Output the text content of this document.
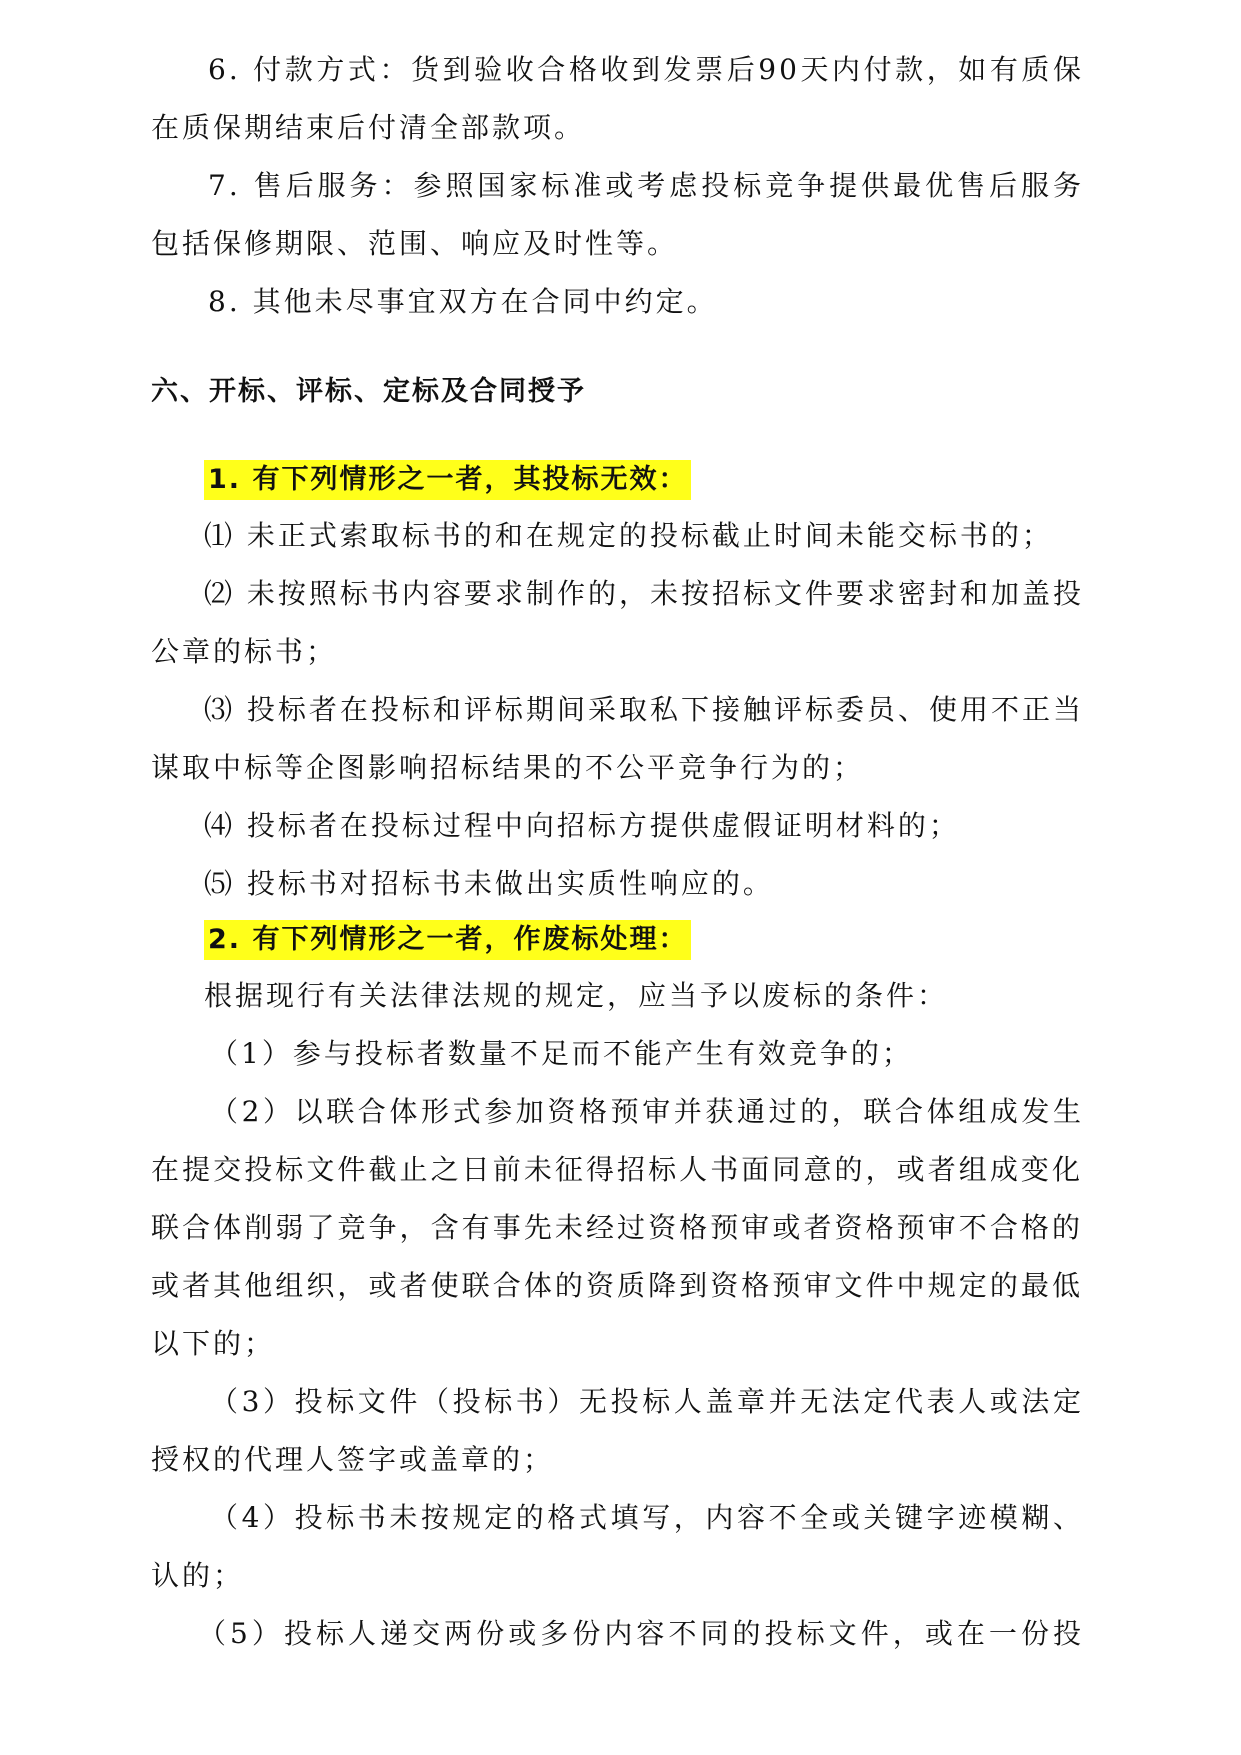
6. 付款方式：货到验收合格收到发票后90天内付款，如有质保
在质保期结束后付清全部款项。
7. 售后服务：参照国家标准或考虑投标竞争提供最优售后服务
包括保修期限、范围、响应及时性等。
8. 其他未尽事宜双方在合同中约定。
六、开标、评标、定标及合同授予
1. 有下列情形之一者，其投标无效：
⑴ 未正式索取标书的和在规定的投标截止时间未能交标书的；
⑵ 未按照标书内容要求制作的，未按招标文件要求密封和加盖投
公章的标书；
⑶ 投标者在投标和评标期间采取私下接触评标委员、使用不正当
谋取中标等企图影响招标结果的不公平竞争行为的；
⑷ 投标者在投标过程中向招标方提供虚假证明材料的；
⑸ 投标书对招标书未做出实质性响应的。
2. 有下列情形之一者，作废标处理：
根据现行有关法律法规的规定，应当予以废标的条件：
（1）参与投标者数量不足而不能产生有效竞争的；
（2）以联合体形式参加资格预审并获通过的，联合体组成发生
在提交投标文件截止之日前未征得招标人书面同意的，或者组成变化
联合体削弱了竞争，含有事先未经过资格预审或者资格预审不合格的
或者其他组织，或者使联合体的资质降到资格预审文件中规定的最低
以下的；
（3）投标文件（投标书）无投标人盖章并无法定代表人或法定
授权的代理人签字或盖章的；
（4）投标书未按规定的格式填写，内容不全或关键字迹模糊、
认的；
（5）投标人递交两份或多份内容不同的投标文件，或在一份投
